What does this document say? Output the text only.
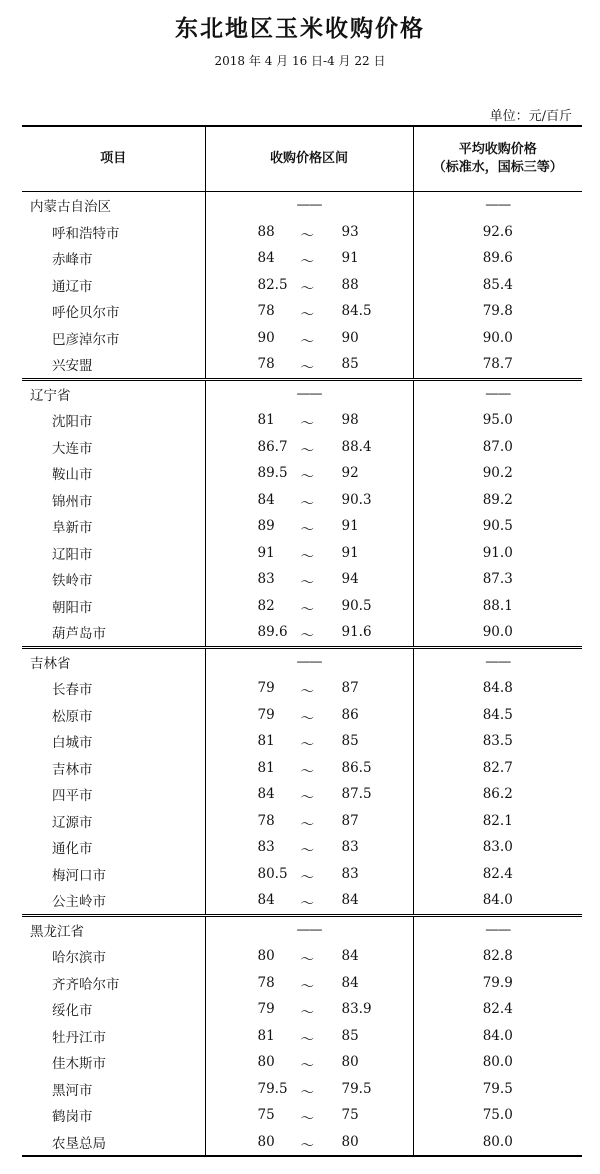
东北地区玉米收购价格
2018 年 4 月 16 日-4 月 22 日
单位：元/百斤
项目	收购价格区间	平均收购价格
（标准水，国标三等）
内蒙古自治区	——	——
呼和浩特市	88 ～ 93	92.6
赤峰市	84 ～ 91	89.6
通辽市	82.5 ～ 88	85.4
呼伦贝尔市	78 ～ 84.5	79.8
巴彦淖尔市	90 ～ 90	90.0
兴安盟	78 ～ 85	78.7
辽宁省	——	——
沈阳市	81 ～ 98	95.0
大连市	86.7 ～ 88.4	87.0
鞍山市	89.5 ～ 92	90.2
锦州市	84 ～ 90.3	89.2
阜新市	89 ～ 91	90.5
辽阳市	91 ～ 91	91.0
铁岭市	83 ～ 94	87.3
朝阳市	82 ～ 90.5	88.1
葫芦岛市	89.6 ～ 91.6	90.0
吉林省	——	——
长春市	79 ～ 87	84.8
松原市	79 ～ 86	84.5
白城市	81 ～ 85	83.5
吉林市	81 ～ 86.5	82.7
四平市	84 ～ 87.5	86.2
辽源市	78 ～ 87	82.1
通化市	83 ～ 83	83.0
梅河口市	80.5 ～ 83	82.4
公主岭市	84 ～ 84	84.0
黑龙江省	——	——
哈尔滨市	80 ～ 84	82.8
齐齐哈尔市	78 ～ 84	79.9
绥化市	79 ～ 83.9	82.4
牡丹江市	81 ～ 85	84.0
佳木斯市	80 ～ 80	80.0
黑河市	79.5 ～ 79.5	79.5
鹤岗市	75 ～ 75	75.0
农垦总局	80 ～ 80	80.0
